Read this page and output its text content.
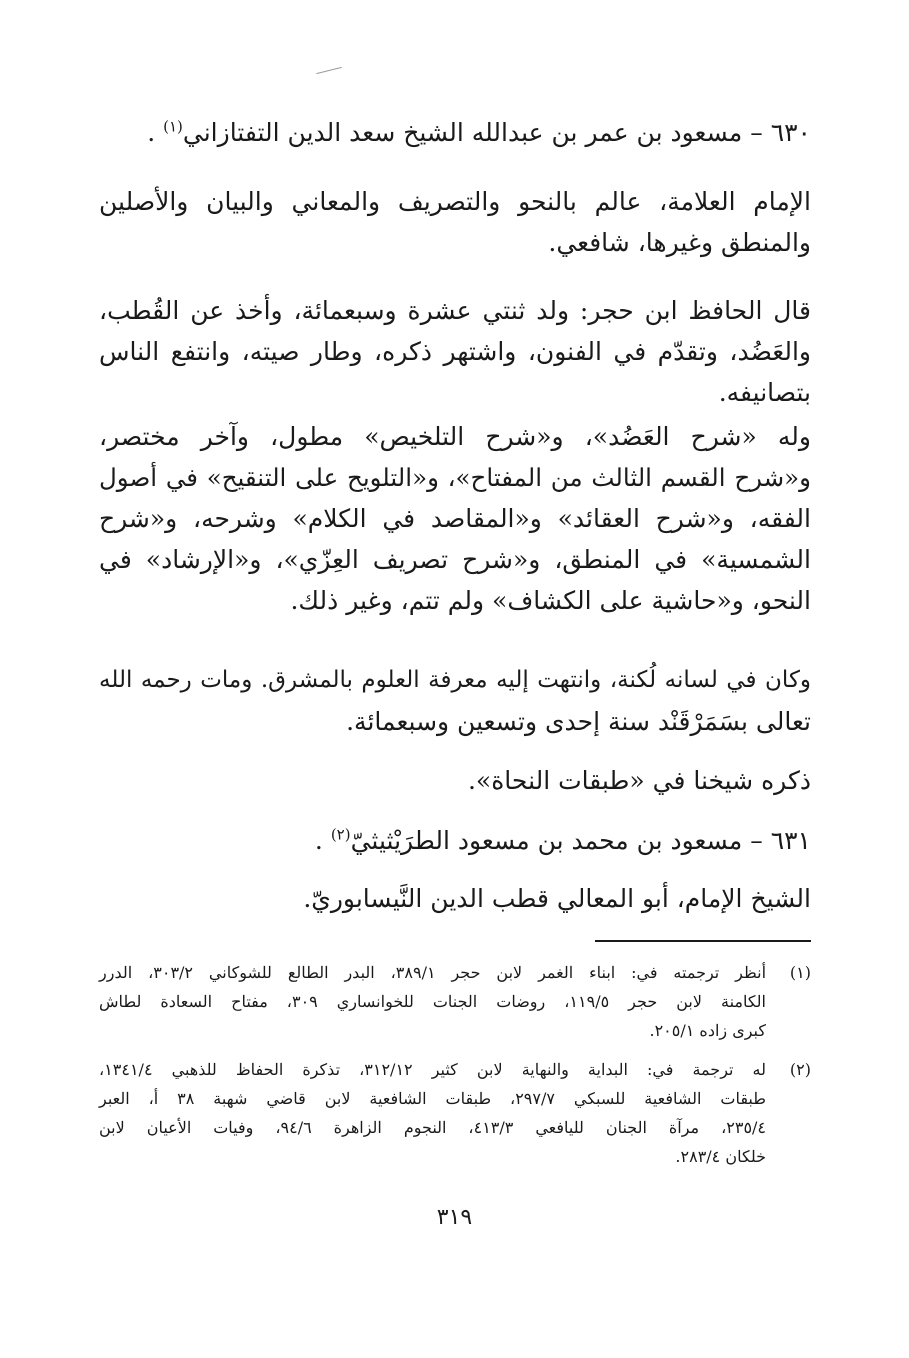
٦٣٠ – مسعود بن عمر بن عبدالله الشيخ سعد الدين التفتازاني$^{(١)}$ .
الإمام العلامة، عالم بالنحو والتصريف والمعاني والبيان والأصلين
والمنطق وغيرها، شافعي.
قال الحافظ ابن حجر: ولد ثنتي عشرة وسبعمائة، وأخذ عن القُطب،
والعَضُد، وتقدّم في الفنون، واشتهر ذكره، وطار صيته، وانتفع الناس
بتصانيفه.
وله «شرح العَضُد»، و«شرح التلخيص» مطول، وآخر مختصر،
و«شرح القسم الثالث من المفتاح»، و«التلويح على التنقيح» في أصول
الفقه، و«شرح العقائد» و«المقاصد في الكلام» وشرحه، و«شرح
الشمسية» في المنطق، و«شرح تصريف العِزّي»، و«الإرشاد» في
النحو، و«حاشية على الكشاف» ولم تتم، وغير ذلك.
وكان في لسانه لُكنة، وانتهت إليه معرفة العلوم بالمشرق. ومات رحمه الله
تعالى بسَمَرْقَنْد سنة إحدى وتسعين وسبعمائة.
ذكره شيخنا في «طبقات النحاة».
٦٣١ – مسعود بن محمد بن مسعود الطرَيْثيثيّ$^{(٢)}$ .
الشيخ الإمام، أبو المعالي قطب الدين النَّيسابوريّ.
(١)
أنظر ترجمته في: ابناء الغمر لابن حجر ٣٨٩/١، البدر الطالع للشوكاني ٣٠٣/٢، الدرر
الكامنة لابن حجر ١١٩/٥، روضات الجنات للخوانساري ٣٠٩، مفتاح السعادة لطاش
كبرى زاده ٢٠٥/١.
(٢)
له ترجمة في: البداية والنهاية لابن كثير ٣١٢/١٢، تذكرة الحفاظ للذهبي ١٣٤١/٤،
طبقات الشافعية للسبكي ٢٩٧/٧، طبقات الشافعية لابن قاضي شهبة ٣٨ أ، العبر
٢٣٥/٤، مرآة الجنان لليافعي ٤١٣/٣، النجوم الزاهرة ٩٤/٦، وفيات الأعيان لابن
خلكان ٢٨٣/٤.
٣١٩
